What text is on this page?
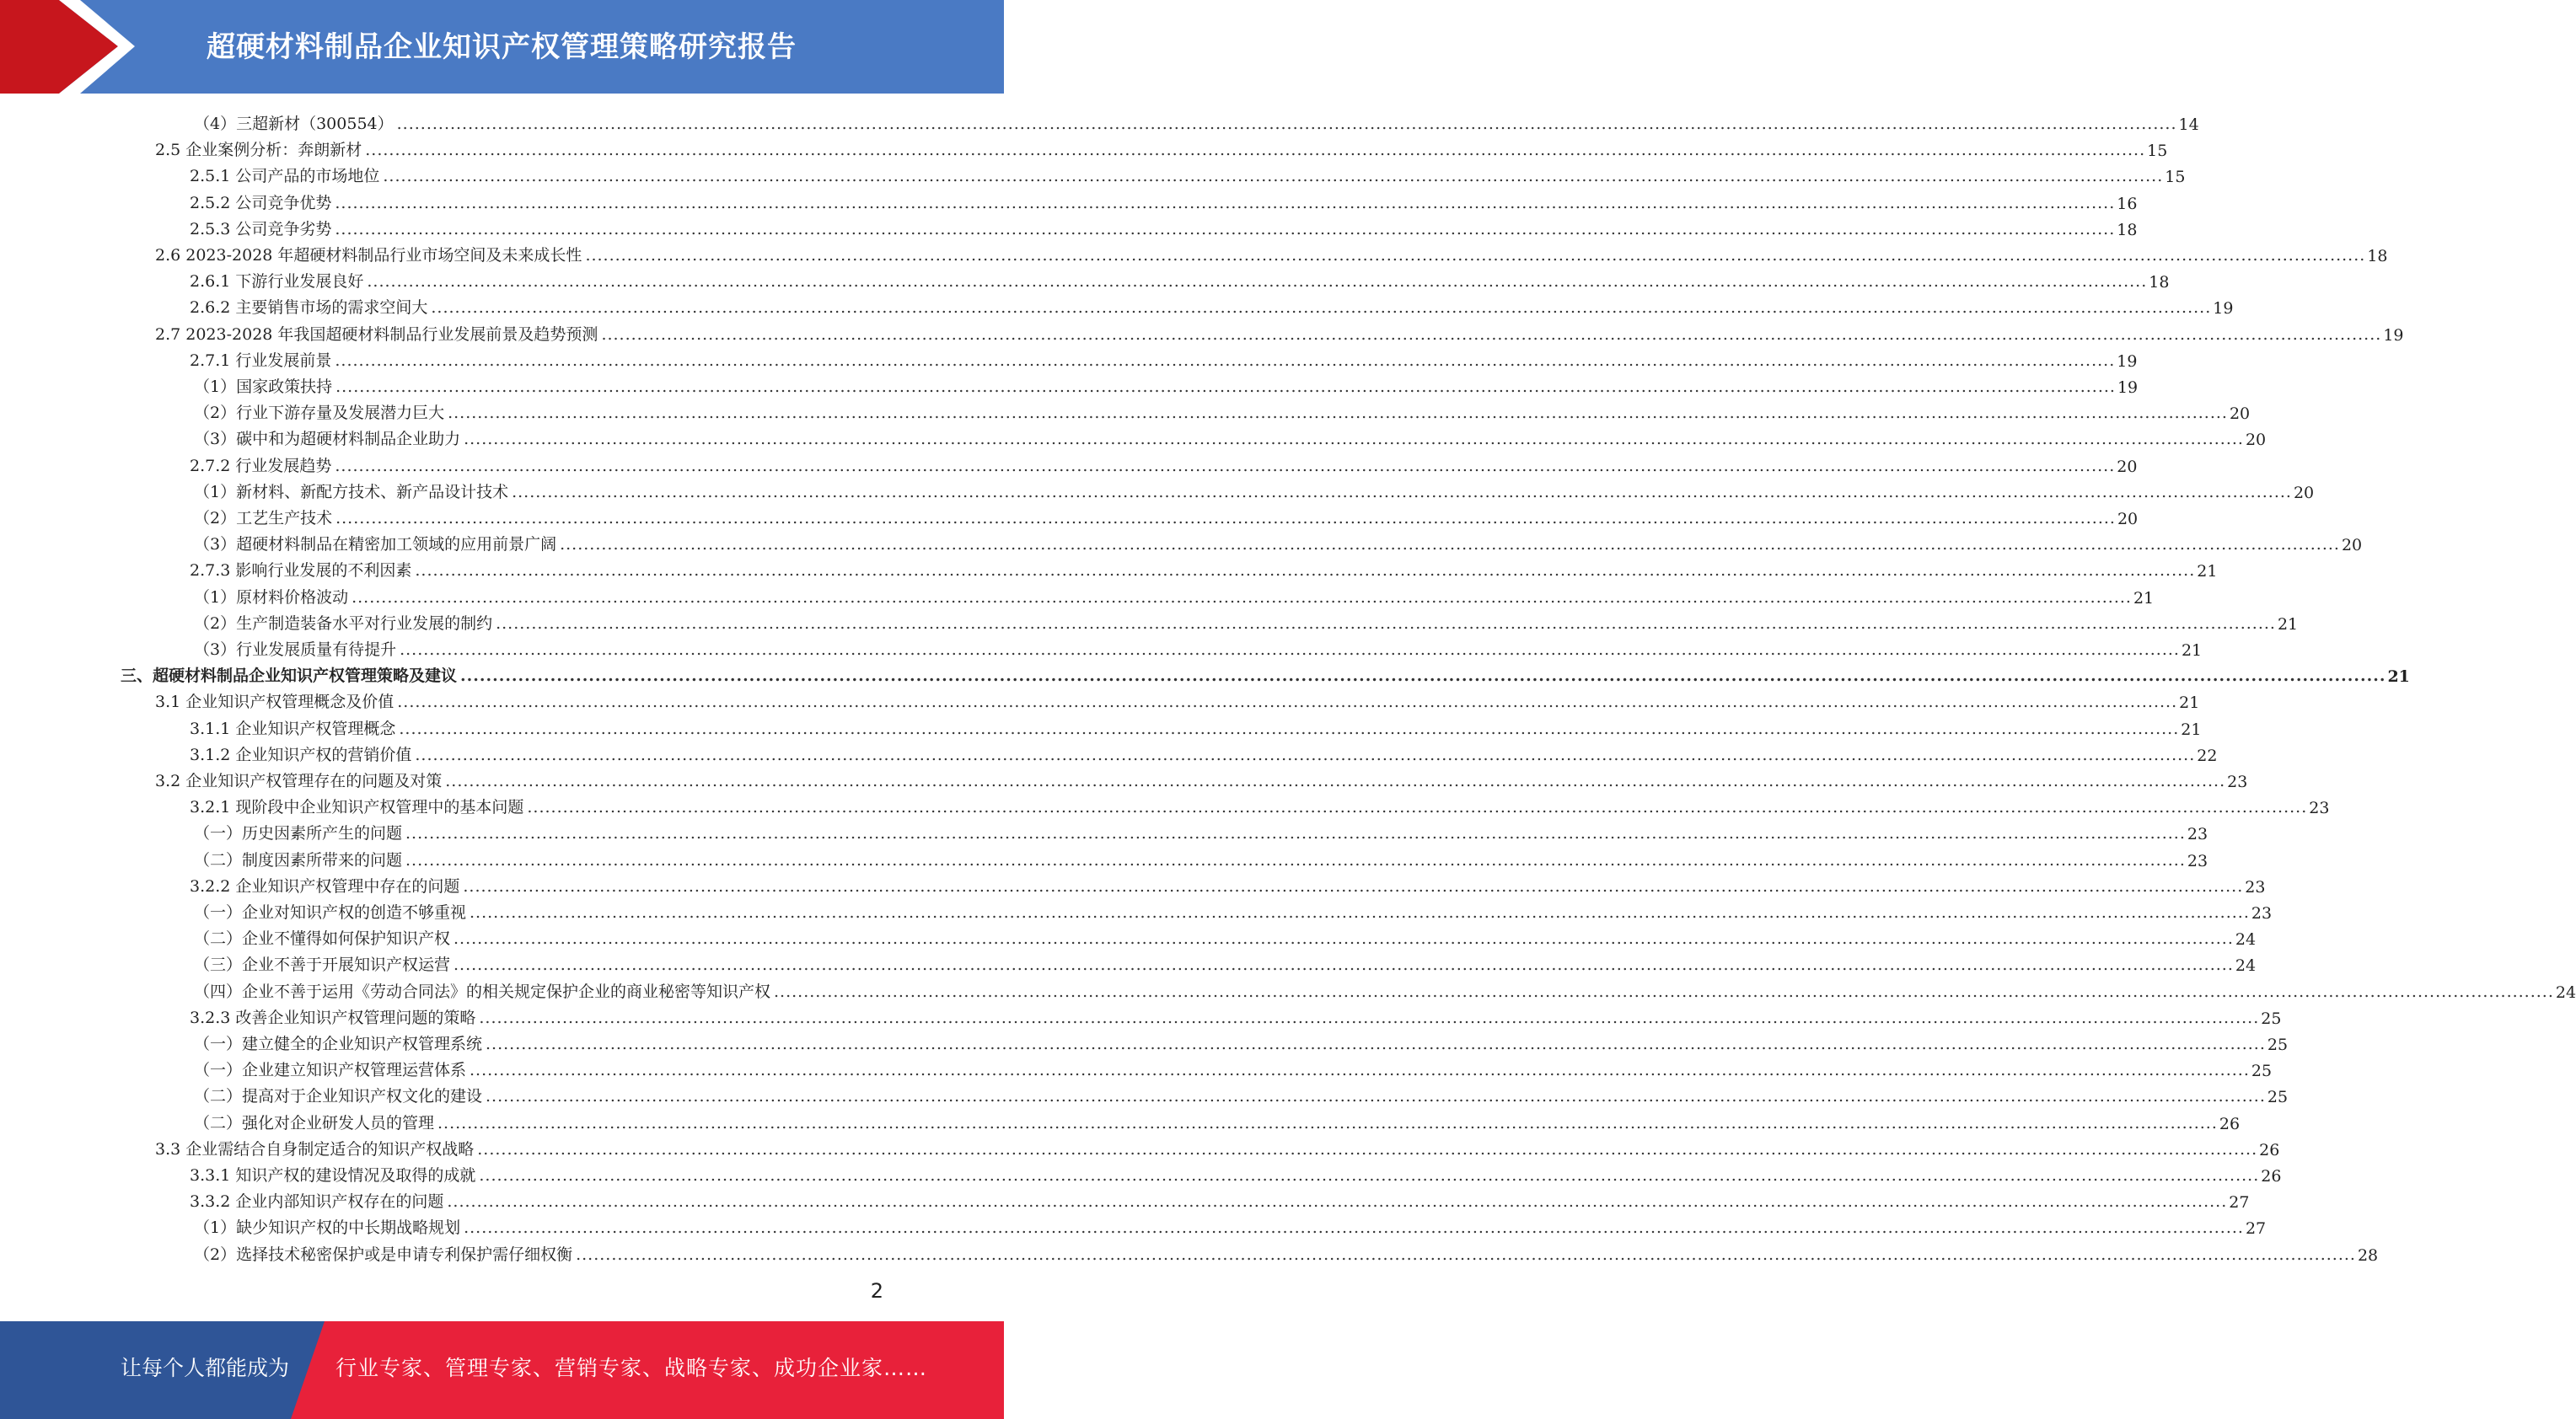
超硬材料制品企业知识产权管理策略研究报告
（4）三超新材（300554） ............................................................................................................................................................................................................................................................................................................ 14
2.5 企业案例分析：奔朗新材 ............................................................................................................................................................................................................................................................................................................ 15
2.5.1 公司产品的市场地位 ............................................................................................................................................................................................................................................................................................................ 15
2.5.2 公司竞争优势 ............................................................................................................................................................................................................................................................................................................ 16
2.5.3 公司竞争劣势 ............................................................................................................................................................................................................................................................................................................ 18
2.6 2023-2028 年超硬材料制品行业市场空间及未来成长性 ............................................................................................................................................................................................................................................................................................................ 18
2.6.1 下游行业发展良好 ............................................................................................................................................................................................................................................................................................................ 18
2.6.2 主要销售市场的需求空间大 ............................................................................................................................................................................................................................................................................................................ 19
2.7 2023-2028 年我国超硬材料制品行业发展前景及趋势预测 ............................................................................................................................................................................................................................................................................................................ 19
2.7.1 行业发展前景 ............................................................................................................................................................................................................................................................................................................ 19
（1）国家政策扶持 ............................................................................................................................................................................................................................................................................................................ 19
（2）行业下游存量及发展潜力巨大 ............................................................................................................................................................................................................................................................................................................ 20
（3）碳中和为超硬材料制品企业助力 ............................................................................................................................................................................................................................................................................................................ 20
2.7.2 行业发展趋势 ............................................................................................................................................................................................................................................................................................................ 20
（1）新材料、新配方技术、新产品设计技术 ............................................................................................................................................................................................................................................................................................................ 20
（2）工艺生产技术 ............................................................................................................................................................................................................................................................................................................ 20
（3）超硬材料制品在精密加工领域的应用前景广阔 ............................................................................................................................................................................................................................................................................................................ 20
2.7.3 影响行业发展的不利因素 ............................................................................................................................................................................................................................................................................................................ 21
（1）原材料价格波动 ............................................................................................................................................................................................................................................................................................................ 21
（2）生产制造装备水平对行业发展的制约 ............................................................................................................................................................................................................................................................................................................ 21
（3）行业发展质量有待提升 ............................................................................................................................................................................................................................................................................................................ 21
三、超硬材料制品企业知识产权管理策略及建议 ............................................................................................................................................................................................................................................................................................................ 21
3.1 企业知识产权管理概念及价值 ............................................................................................................................................................................................................................................................................................................ 21
3.1.1 企业知识产权管理概念 ............................................................................................................................................................................................................................................................................................................ 21
3.1.2 企业知识产权的营销价值 ............................................................................................................................................................................................................................................................................................................ 22
3.2 企业知识产权管理存在的问题及对策 ............................................................................................................................................................................................................................................................................................................ 23
3.2.1 现阶段中企业知识产权管理中的基本问题 ............................................................................................................................................................................................................................................................................................................ 23
（一）历史因素所产生的问题 ............................................................................................................................................................................................................................................................................................................ 23
（二）制度因素所带来的问题 ............................................................................................................................................................................................................................................................................................................ 23
3.2.2 企业知识产权管理中存在的问题 ............................................................................................................................................................................................................................................................................................................ 23
（一）企业对知识产权的创造不够重视 ............................................................................................................................................................................................................................................................................................................ 23
（二）企业不懂得如何保护知识产权 ............................................................................................................................................................................................................................................................................................................ 24
（三）企业不善于开展知识产权运营 ............................................................................................................................................................................................................................................................................................................ 24
（四）企业不善于运用《劳动合同法》的相关规定保护企业的商业秘密等知识产权 ............................................................................................................................................................................................................................................................................................................ 24
3.2.3 改善企业知识产权管理问题的策略 ............................................................................................................................................................................................................................................................................................................ 25
（一）建立健全的企业知识产权管理系统 ............................................................................................................................................................................................................................................................................................................ 25
（一）企业建立知识产权管理运营体系 ............................................................................................................................................................................................................................................................................................................ 25
（二）提高对于企业知识产权文化的建设 ............................................................................................................................................................................................................................................................................................................ 25
（二）强化对企业研发人员的管理 ............................................................................................................................................................................................................................................................................................................ 26
3.3 企业需结合自身制定适合的知识产权战略 ............................................................................................................................................................................................................................................................................................................ 26
3.3.1 知识产权的建设情况及取得的成就 ............................................................................................................................................................................................................................................................................................................ 26
3.3.2 企业内部知识产权存在的问题 ............................................................................................................................................................................................................................................................................................................ 27
（1）缺少知识产权的中长期战略规划 ............................................................................................................................................................................................................................................................................................................ 27
（2）选择技术秘密保护或是申请专利保护需仔细权衡 ............................................................................................................................................................................................................................................................................................................ 28
2
让每个人都能成为 行业专家、管理专家、营销专家、战略专家、成功企业家……
